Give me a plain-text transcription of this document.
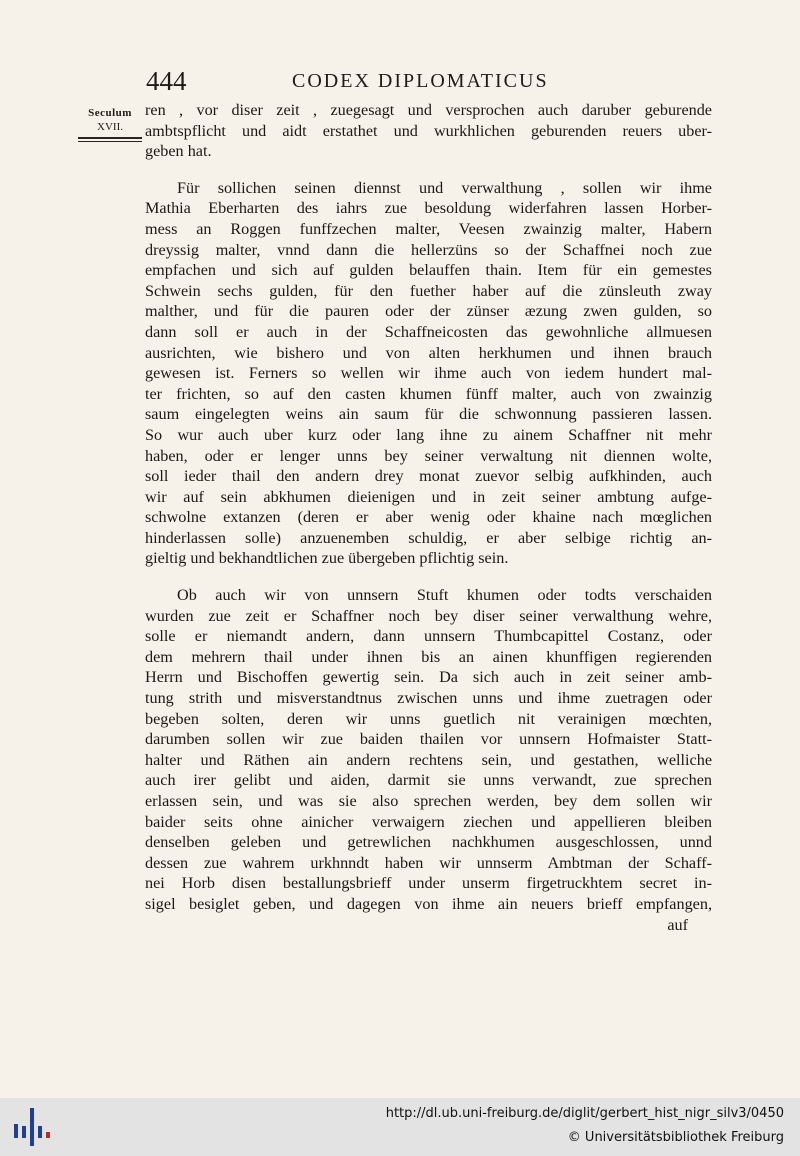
444	CODEX DIPLOMATICUS
Seculum
XVII.
ren , vor diser zeit , zuegesagt und versprochen auch daruber geburende
ambtspflicht und aidt erstathet und wurkhlichen geburenden reuers uber-
geben hat.
Für sollichen seinen diennst und verwalthung , sollen wir ihme
Mathia Eberharten des iahrs zue besoldung widerfahren lassen Horber-
mess an Roggen funffzechen malter, Veesen zwainzig malter, Habern
dreyssig malter, vnnd dann die hellerzüns so der Schaffnei noch zue
empfachen und sich auf gulden belauffen thain. Item für ein gemestes
Schwein sechs gulden, für den fuether haber auf die zünsleuth zway
malther, und für die pauren oder der zünser æzung zwen gulden, so
dann soll er auch in der Schaffneicosten das gewohnliche allmuesen
ausrichten, wie bishero und von alten herkhumen und ihnen brauch
gewesen ist. Ferners so wellen wir ihme auch von iedem hundert mal-
ter frichten, so auf den casten khumen fünff malter, auch von zwainzig
saum eingelegten weins ain saum für die schwonnung passieren lassen.
So wur auch uber kurz oder lang ihne zu ainem Schaffner nit mehr
haben, oder er lenger unns bey seiner verwaltung nit diennen wolte,
soll ieder thail den andern drey monat zuevor selbig aufkhinden, auch
wir auf sein abkhumen dieienigen und in zeit seiner ambtung aufge-
schwolne extanzen (deren er aber wenig oder khaine nach mœglichen
hinderlassen solle) anzuenemben schuldig, er aber selbige richtig an-
gieltig und bekhandtlichen zue übergeben pflichtig sein.
Ob auch wir von unnsern Stuft khumen oder todts verschaiden
wurden zue zeit er Schaffner noch bey diser seiner verwalthung wehre,
solle er niemandt andern, dann unnsern Thumbcapittel Costanz, oder
dem mehrern thail under ihnen bis an ainen khunffigen regierenden
Herrn und Bischoffen gewertig sein. Da sich auch in zeit seiner amb-
tung strith und misverstandtnus zwischen unns und ihme zuetragen oder
begeben solten, deren wir unns guetlich nit verainigen mœchten,
darumben sollen wir zue baiden thailen vor unnsern Hofmaister Statt-
halter und Räthen ain andern rechtens sein, und gestathen, welliche
auch irer gelibt und aiden, darmit sie unns verwandt, zue sprechen
erlassen sein, und was sie also sprechen werden, bey dem sollen wir
baider seits ohne ainicher verwaigern ziechen und appellieren bleiben
denselben geleben und getrewlichen nachkhumen ausgeschlossen, unnd
dessen zue wahrem urkhnndt haben wir unnserm Ambtman der Schaff-
nei Horb disen bestallungsbrieff under unserm firgetruckhtem secret in-
sigel besiglet geben, und dagegen von ihme ain neuers brieff empfangen,
auf
http://dl.ub.uni-freiburg.de/diglit/gerbert_hist_nigr_silv3/0450
© Universitätsbibliothek Freiburg
